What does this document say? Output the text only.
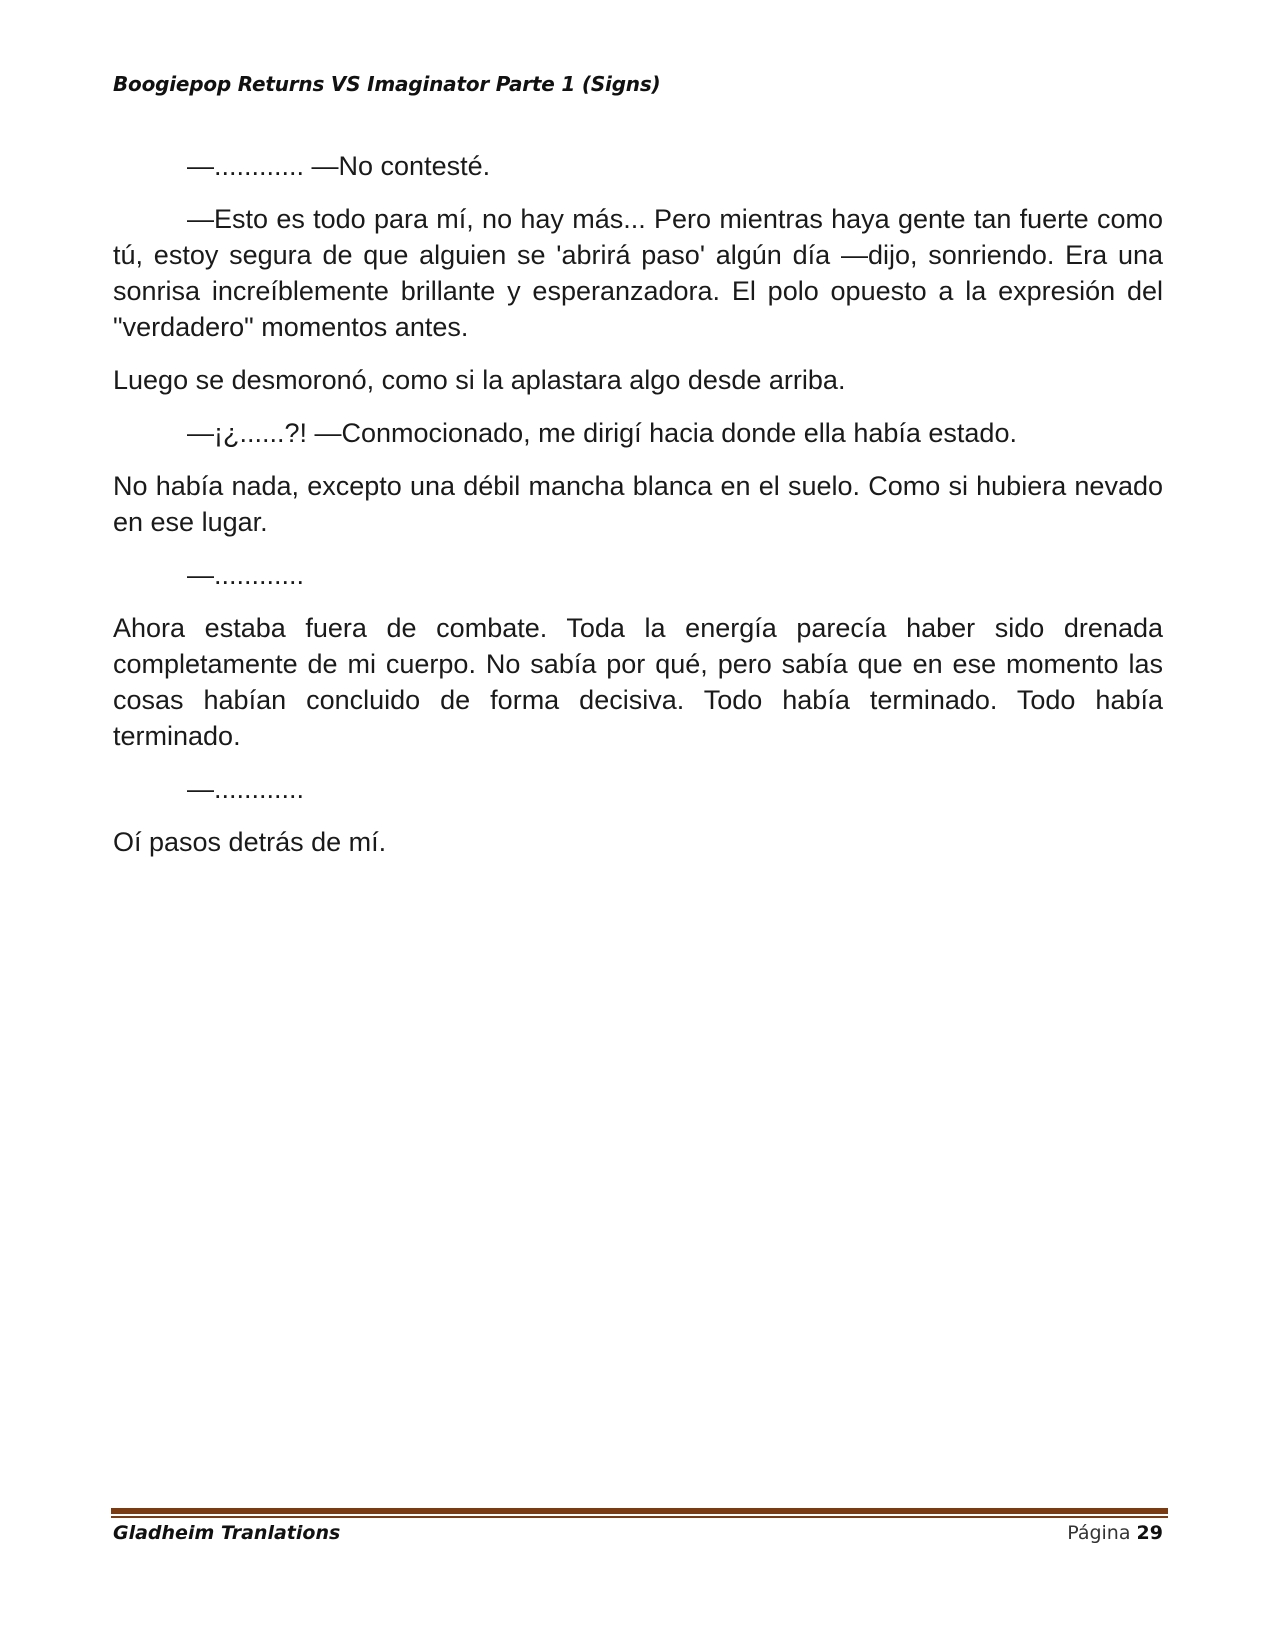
Boogiepop Returns VS Imaginator Parte 1 (Signs)

—............ —No contesté.

—Esto es todo para mí, no hay más... Pero mientras haya gente tan fuerte como tú, estoy segura de que alguien se 'abrirá paso' algún día —dijo, sonriendo. Era una sonrisa increíblemente brillante y esperanzadora. El polo opuesto a la expresión del "verdadero" momentos antes.

Luego se desmoronó, como si la aplastara algo desde arriba.

—¡¿......?! —Conmocionado, me dirigí hacia donde ella había estado.

No había nada, excepto una débil mancha blanca en el suelo. Como si hubiera nevado en ese lugar.

—............

Ahora estaba fuera de combate. Toda la energía parecía haber sido drenada completamente de mi cuerpo. No sabía por qué, pero sabía que en ese momento las cosas habían concluido de forma decisiva. Todo había terminado. Todo había terminado.

—............

Oí pasos detrás de mí.

Gladheim Tranlations	Página 29
